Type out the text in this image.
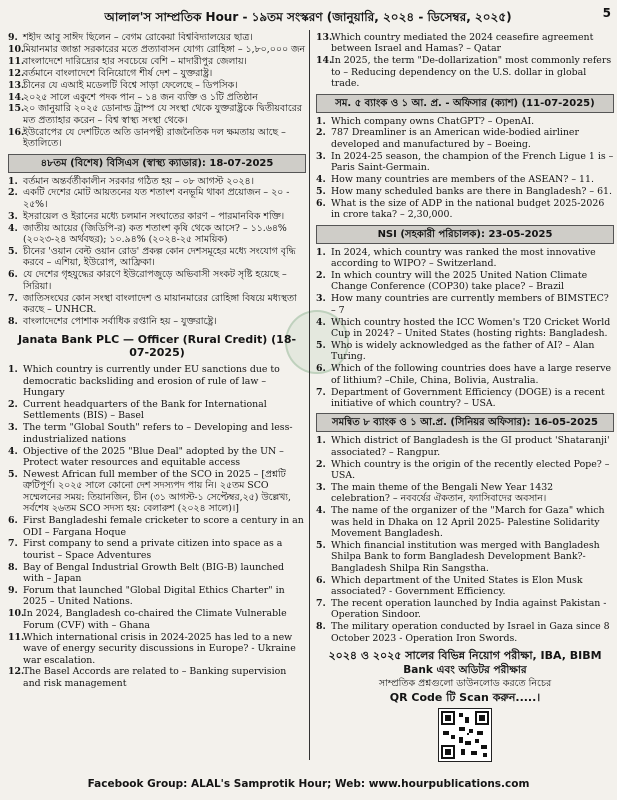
আলাল'স সাম্প্রতিক Hour - ১৯তম সংস্করণ (জানুয়ারি, ২০২৪ - ডিসেম্বর, ২০২৫)	5
9. শহীদ আবু সাঈদ ছিলেন – বেগম রোকেয়া বিশ্ববিদ্যালয়ের ছাত্র।
10.
মিয়ানমার জান্তা সরকারের মতে প্রত্যাবাসন যোগ্য রোহিঙ্গা – ১,৮০,০০০ জন
11.
বাংলাদেশে দারিদ্র্যের হার সবচেয়ে বেশি – মাদারীপুর জেলায়।
12.
বর্তমানে বাংলাদেশে বিনিয়োগে শীর্ষ দেশ – যুক্তরাষ্ট্র।
13.
চীনের যে এআই মডেলটি বিশ্বে সাড়া ফেলেছে – ডিপসিক।
14.
২০২৫ সালে একুশে পদক পান – ১৪ জন ব্যক্তি ও ১টি প্রতিষ্ঠান
15.
২০ জানুয়ারি ২০২৫ ডোনাল্ড ট্রাম্প যে সংস্থা থেকে যুক্তরাষ্ট্রকে দ্বিতীয়বারের মত প্রত্যাহার করেন – বিশ্ব স্বাস্থ্য সংস্থা থেকে।
16.
ইউরোপের যে দেশটিতে অতি ডানপন্থী রাজনৈতিক দল ক্ষমতায় আছে – ইতালিতে।
৪৮তম (বিশেষ) বিসিএস (স্বাস্থ্য ক্যাডার): 18-07-2025
1. বর্তমান অন্তর্বর্তীকালীন সরকার গঠিত হয় – ০৮ আগস্ট ২০২৪।
2. একটি দেশের মোট আয়তনের যত শতাংশ বনভূমি থাকা প্রয়োজন – ২০ - ২৫%।
3. ইসরায়েল ও ইরানের মধ্যে চলমান সংঘাতের কারণ – পারমানবিক শক্তি।
4. জাতীয় আয়ের (জিডিপি-র) কত শতাংশ কৃষি থেকে আসে? – ১১.৬৪% (২০২৩-২৪ অর্থবছর); ১০.৯৪% (২০২৪-২৫ সাময়িক)
5. চীনের 'ওয়ান বেল্ট ওয়ান রোড' প্রকল্প কোন দেশসমূহের মধ্যে সংযোগ বৃদ্ধি করবে – এশিয়া, ইউরোপ, আফ্রিকা।
6. যে দেশের গৃহযুদ্ধের কারণে ইউরোপজুড়ে অভিবাসী সংকট সৃষ্টি হয়েছে – সিরিয়া।
7. জাতিসংঘের কোন সংস্থা বাংলাদেশ ও মায়ানমারের রোহিঙ্গা বিষয়ে মধ্যস্থতা করছে – UNHCR.
8. বাংলাদেশের পোশাক সর্বাধিক রপ্তানি হয় – যুক্তরাষ্ট্রে।
Janata Bank PLC — Officer (Rural Credit) (18-07-2025)
1. Which country is currently under EU sanctions due to democratic backsliding and erosion of rule of law – Hungary
2. Current headquarters of the Bank for International Settlements (BIS) – Basel
3. The term "Global South" refers to – Developing and less-industrialized nations
4. Objective of the 2025 "Blue Deal" adopted by the UN – Protect water resources and equitable access
5. Newest African full member of the SCO in 2025 – [প্রশ্নটি ত্রুটিপূর্ণ। ২০২৫ সালে কোনো দেশ সদস্যপদ পায় নি। ২৫তম SCO সম্মেলনের সময়: তিয়ানজিন, চীন (৩১ আগস্ট-১ সেপ্টেম্বর,২৫) উল্লেখ্য, সর্বশেষ ২৬তম SCO সদস্য হয়: বেলারুশ (২০২৪ সালে)।]
6. First Bangladeshi female cricketer to score a century in an ODI – Fargana Hoque
7. First company to send a private citizen into space as a tourist – Space Adventures
8. Bay of Bengal Industrial Growth Belt (BIG-B) launched with – Japan
9. Forum that launched "Global Digital Ethics Charter" in 2025 – United Nations.
10.
In 2024, Bangladesh co-chaired the Climate Vulnerable Forum (CVF) with – Ghana
11.
Which international crisis in 2024-2025 has led to a new wave of energy security discussions in Europe? - Ukraine war escalation.
12.
The Basel Accords are related to – Banking supervision and risk management
13.
Which country mediated the 2024 ceasefire agreement between Israel and Hamas? – Qatar
14.
In 2025, the term "De-dollarization" most commonly refers to – Reducing dependency on the U.S. dollar in global trade.
সম. ৫ ব্যাংক ও ১ আ. প্র. - অফিসার (ক্যাশ) (11-07-2025)
1. Which company owns ChatGPT? – OpenAI.
2. 787 Dreamliner is an American wide-bodied airliner developed and manufactured by – Boeing.
3. In 2024-25 season, the champion of the French Ligue 1 is – Paris Saint-Germain.
4. How many countries are members of the ASEAN? – 11.
5. How many scheduled banks are there in Bangladesh? – 61.
6. What is the size of ADP in the national budget 2025-2026 in crore taka? – 2,30,000.
NSI (সহকারী পরিচালক): 23-05-2025
1. In 2024, which country was ranked the most innovative according to WIPO? – Switzerland.
2. In which country will the 2025 United Nation Climate Change Conference (COP30) take place? – Brazil
3. How many countries are currently members of BIMSTEC? – 7
4. Which country hosted the ICC Women's T20 Cricket World Cup in 2024? – United States (hosting rights: Bangladesh.
5. Who is widely acknowledged as the father of AI? – Alan Turing.
6. Which of the following countries does have a large reserve of lithium? –Chile, China, Bolivia, Australia.
7. Department of Government Efficiency (DOGE) is a recent initiative of which country? – USA.
সমন্বিত ৮ ব্যাংক ও ১ আ.প্র. (সিনিয়র অফিসার): 16-05-2025
1. Which district of Bangladesh is the GI product 'Shataranji' associated? – Rangpur.
2. Which country is the origin of the recently elected Pope? – USA.
3. The main theme of the Bengali New Year 1432 celebration? – নববর্ষের ঐকতান, ফ্যাসিবাদের অবসান।
4. The name of the organizer of the "March for Gaza" which was held in Dhaka on 12 April 2025- Palestine Solidarity Movement Bangladesh.
5. Which financial institution was merged with Bangladesh Shilpa Bank to form Bangladesh Development Bank?- Bangladesh Shilpa Rin Sangstha.
6. Which department of the United States is Elon Musk associated? - Government Efficiency.
7. The recent operation launched by India against Pakistan - Operation Sindoor.
8. The military operation conducted by Israel in Gaza since 8 October 2023 - Operation Iron Swords.
২০২৪ ও ২০২৫ সালের বিভিন্ন নিয়োগ পরীক্ষা, IBA, BIBM
Bank এবং অডিটর পরীক্ষার
সাম্প্রতিক প্রশ্নগুলো ডাউনলোড করতে নিচের
QR Code টি Scan করুন.....।
Facebook Group: ALAL's Samprotik Hour; Web: www.hourpublications.com
